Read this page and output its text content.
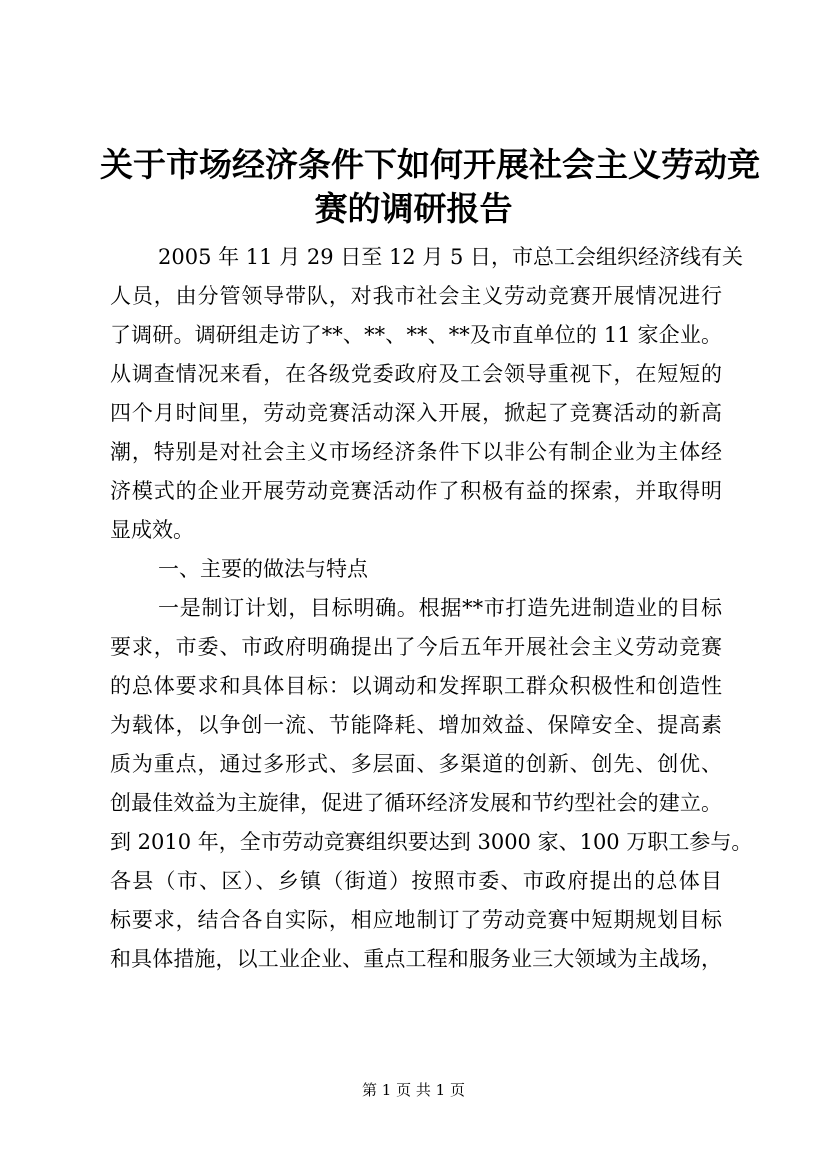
关于市场经济条件下如何开展社会主义劳动竞
赛的调研报告
2005 年 11 月 29 日至 12 月 5 日，市总工会组织经济线有关
人员，由分管领导带队，对我市社会主义劳动竞赛开展情况进行
了调研。调研组走访了**、**、**、**及市直单位的 11 家企业。
从调查情况来看，在各级党委政府及工会领导重视下，在短短的
四个月时间里，劳动竞赛活动深入开展，掀起了竞赛活动的新高
潮，特别是对社会主义市场经济条件下以非公有制企业为主体经
济模式的企业开展劳动竞赛活动作了积极有益的探索，并取得明
显成效。
一、主要的做法与特点
一是制订计划，目标明确。根据**市打造先进制造业的目标
要求，市委、市政府明确提出了今后五年开展社会主义劳动竞赛
的总体要求和具体目标：以调动和发挥职工群众积极性和创造性
为载体，以争创一流、节能降耗、增加效益、保障安全、提高素
质为重点，通过多形式、多层面、多渠道的创新、创先、创优、
创最佳效益为主旋律，促进了循环经济发展和节约型社会的建立。
到 2010 年，全市劳动竞赛组织要达到 3000 家、100 万职工参与。
各县（市、区）、乡镇（街道）按照市委、市政府提出的总体目
标要求，结合各自实际，相应地制订了劳动竞赛中短期规划目标
和具体措施，以工业企业、重点工程和服务业三大领域为主战场，
第 1 页 共 1 页
